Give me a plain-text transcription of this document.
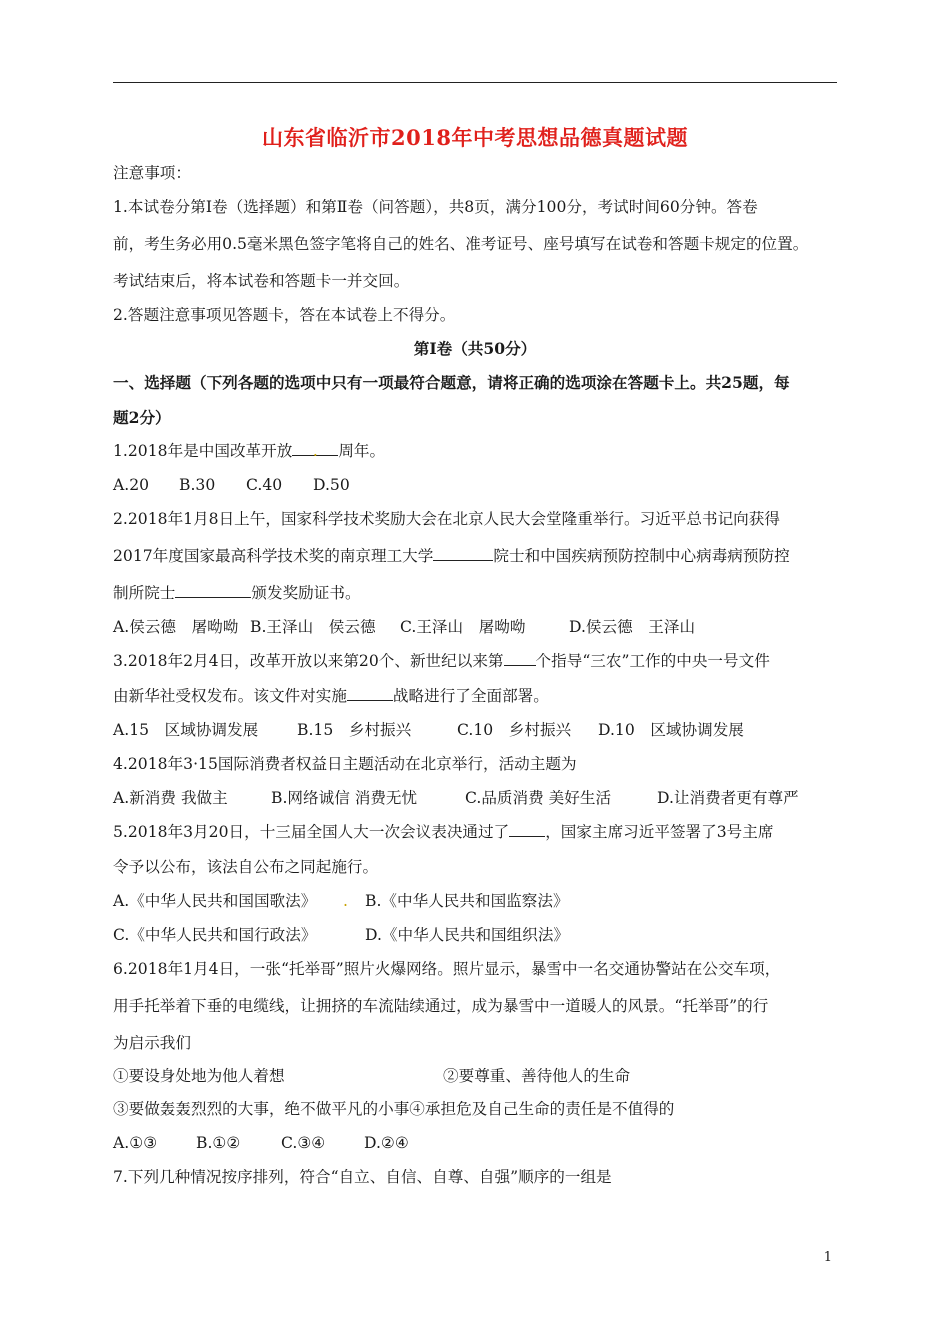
山东省临沂市2018年中考思想品德真题试题
注意事项：
1.本试卷分第Ⅰ卷（选择题）和第Ⅱ卷（问答题），共8页，满分100分，考试时间60分钟。答卷
前，考生务必用0.5毫米黑色签字笔将自己的姓名、准考证号、座号填写在试卷和答题卡规定的位置。
考试结束后，将本试卷和答题卡一并交回。
2.答题注意事项见答题卡，答在本试卷上不得分。
第Ⅰ卷（共50分）
一、选择题（下列各题的选项中只有一项最符合题意，请将正确的选项涂在答题卡上。共25题，每
题2分）
1.2018年是中国改革开放 . 周年。
A.20 B.30 C.40 D.50
2.2018年1月8日上午，国家科学技术奖励大会在北京人民大会堂隆重举行。习近平总书记向获得
2017年度国家最高科学技术奖的南京理工大学	院士和中国疾病预防控制中心病毒病预防控
制所院士	颁发奖励证书。
A.侯云德　屠呦呦 B.王泽山　侯云德 C.王泽山　屠呦呦	D.侯云德　王泽山
3.2018年2月4日，改革开放以来第20个、新世纪以来第 个指导“三农”工作的中央一号文件
由新华社受权发布。该文件对实施	战略进行了全面部署。
A.15　区域协调发展 B.15　乡村振兴	C.10　乡村振兴 D.10　区域协调发展
4.2018年3·15国际消费者权益日主题活动在北京举行，活动主题为
A.新消费 我做主	B.网络诚信 消费无忧	C.品质消费 美好生活	D.让消费者更有尊严
5.2018年3月20日，十三届全国人大一次会议表决通过了 ，国家主席习近平签署了3号主席
令予以公布，该法自公布之同起施行。
A.《中华人民共和国国歌法》 . B.《中华人民共和国监察法》
C.《中华人民共和国行政法》	D.《中华人民共和国组织法》
6.2018年1月4日，一张“托举哥”照片火爆网络。照片显示，暴雪中一名交通协警站在公交车项，
用手托举着下垂的电缆线，让拥挤的车流陆续通过，成为暴雪中一道暖人的风景。“托举哥”的行
为启示我们
①要设身处地为他人着想	②要尊重、善待他人的生命
③要做轰轰烈烈的大事，绝不做平凡的小事④承担危及自己生命的责任是不值得的
A.①③ B.①②	C.③④ D.②④
7.下列几种情况按序排列，符合“自立、自信、自尊、自强”顺序的一组是
1
